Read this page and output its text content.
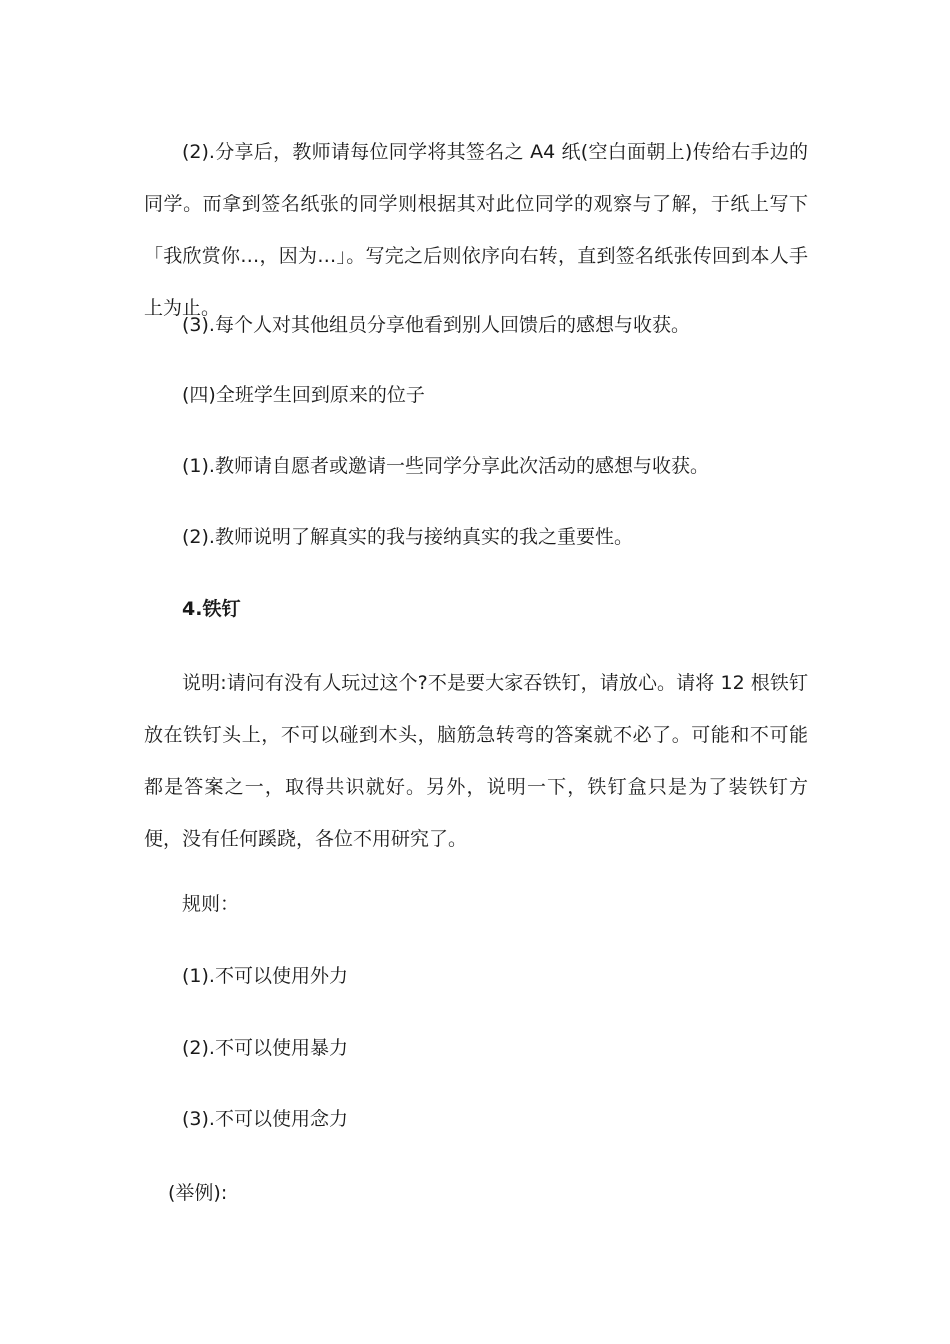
(2).分享后，教师请每位同学将其签名之 A4 纸(空白面朝上)传给右手边的同学。而拿到签名纸张的同学则根据其对此位同学的观察与了解，于纸上写下「我欣赏你…，因为…」。写完之后则依序向右转，直到签名纸张传回到本人手上为止。

(3).每个人对其他组员分享他看到别人回馈后的感想与收获。

(四)全班学生回到原来的位子

(1).教师请自愿者或邀请一些同学分享此次活动的感想与收获。

(2).教师说明了解真实的我与接纳真实的我之重要性。

4.铁钉

说明:请问有没有人玩过这个?不是要大家吞铁钉，请放心。请将 12 根铁钉放在铁钉头上，不可以碰到木头，脑筋急转弯的答案就不必了。可能和不可能都是答案之一，取得共识就好。另外，说明一下，铁钉盒只是为了装铁钉方便，没有任何蹊跷，各位不用研究了。

规则：

(1).不可以使用外力

(2).不可以使用暴力

(3).不可以使用念力

(举例):
